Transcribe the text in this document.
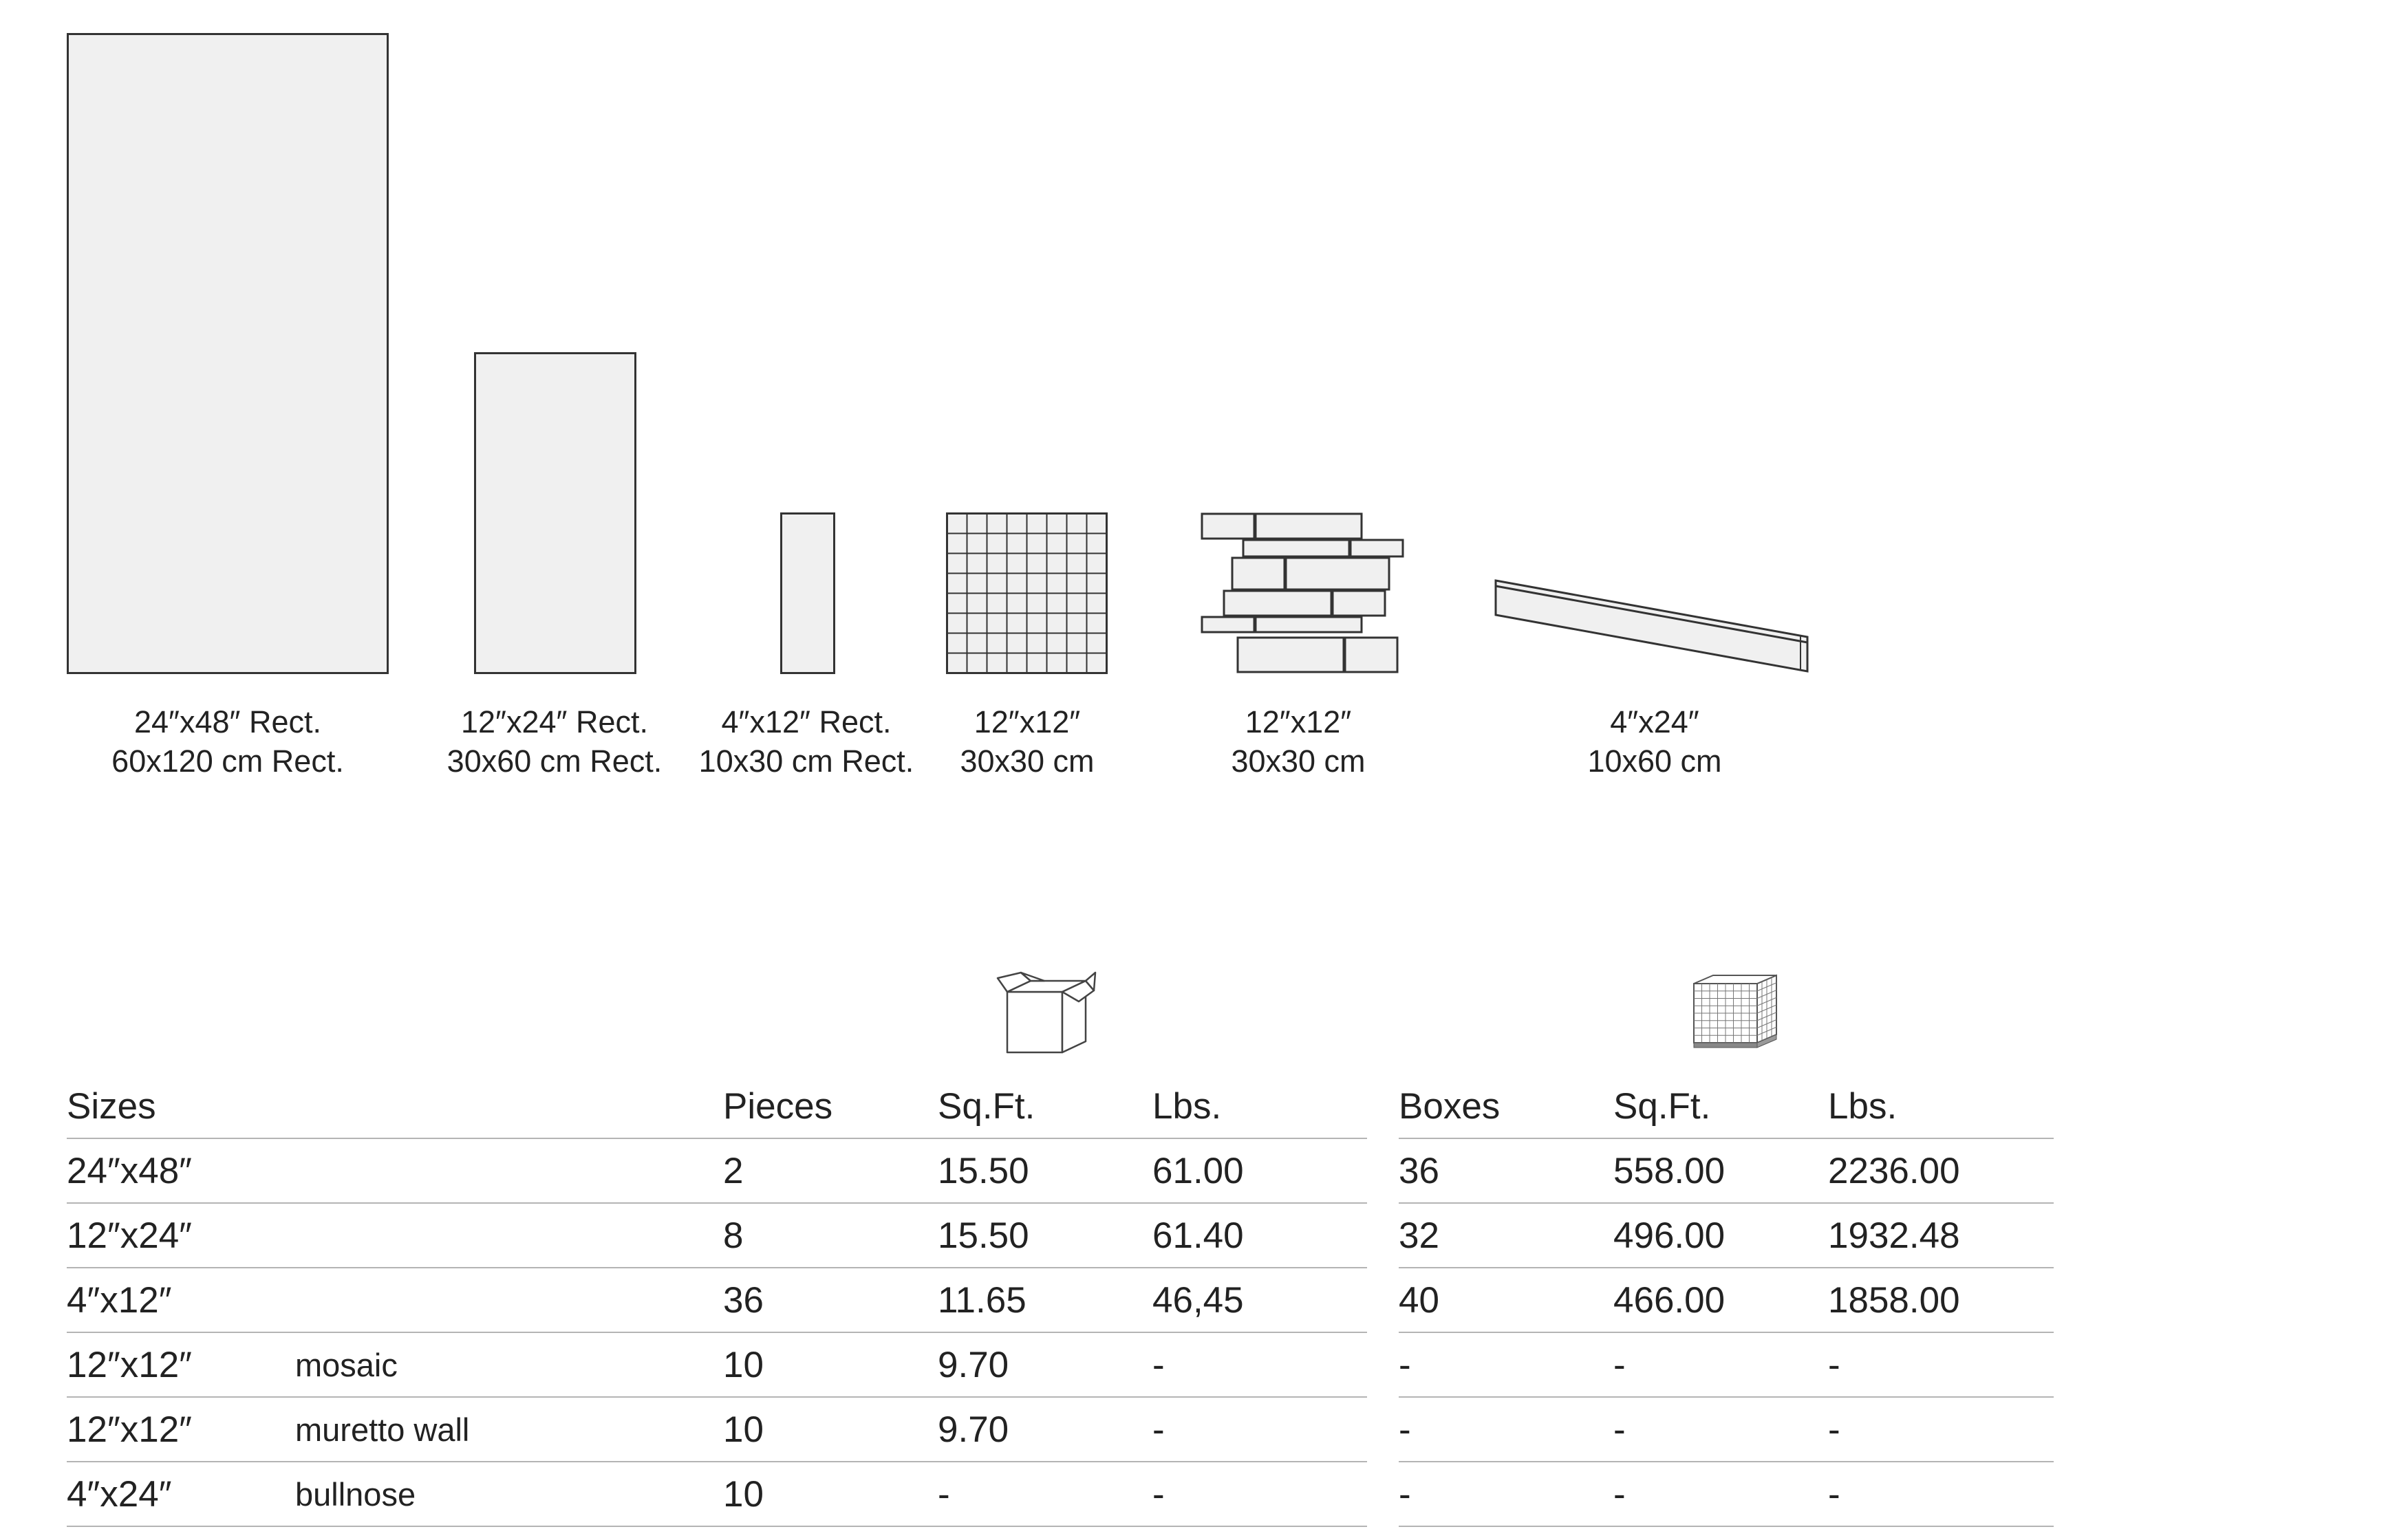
24″x48″ Rect.
60x120 cm Rect.
12″x24″ Rect.
30x60 cm Rect.
4″x12″ Rect.
10x30 cm Rect.
12″x12″
30x30 cm
12″x12″
30x30 cm
4″x24″
10x60 cm
Sizes		Pieces	Sq.Ft.	Lbs.
24″x48″		2	15.50	61.00
12″x24″		8	15.50	61.40
4″x12″		36	11.65	46,45
12″x12″	mosaic	10	9.70	-
12″x12″	muretto wall	10	9.70	-
4″x24″	bullnose	10	-	-
Boxes	Sq.Ft.	Lbs.
36	558.00	2236.00
32	496.00	1932.48
40	466.00	1858.00
-	-	-
-	-	-
-	-	-
